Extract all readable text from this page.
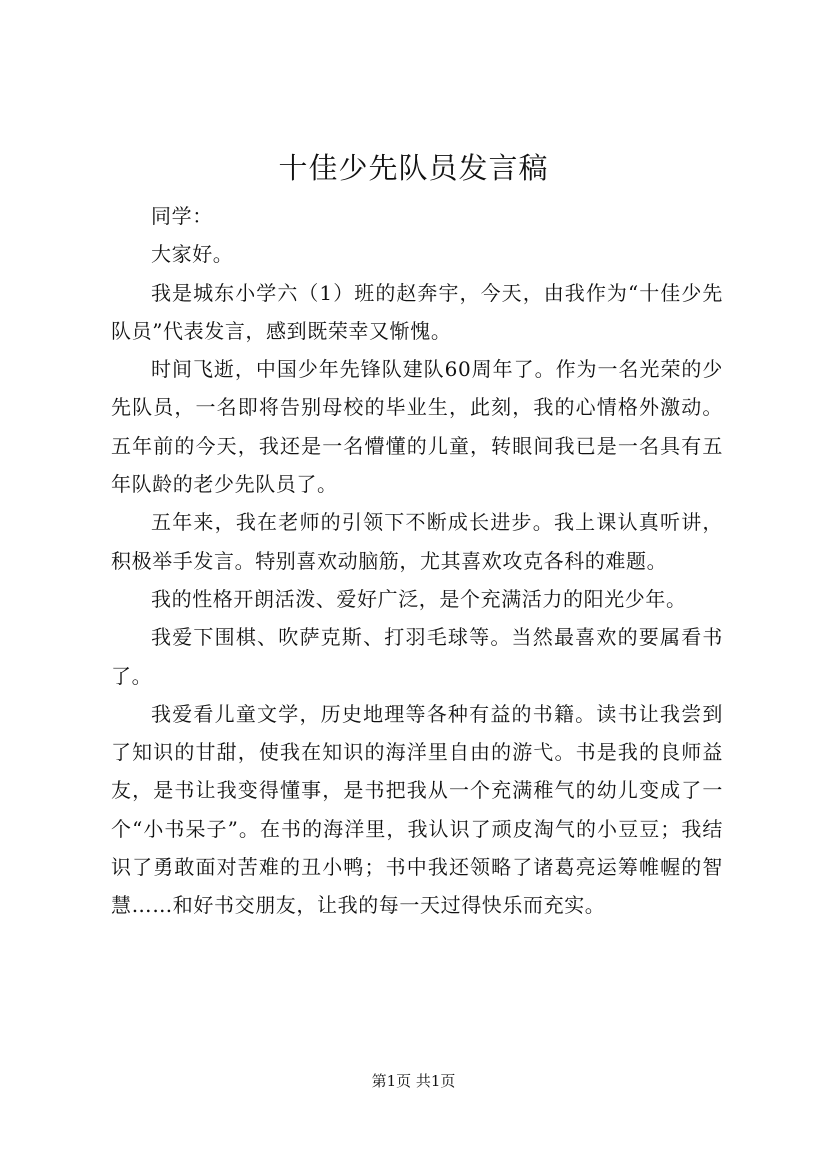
十佳少先队员发言稿

同学：

大家好。

我是城东小学六（1）班的赵奔宇，今天，由我作为“十佳少先队员”代表发言，感到既荣幸又惭愧。

时间飞逝，中国少年先锋队建队60周年了。作为一名光荣的少先队员，一名即将告别母校的毕业生，此刻，我的心情格外激动。五年前的今天，我还是一名懵懂的儿童，转眼间我已是一名具有五年队龄的老少先队员了。

五年来，我在老师的引领下不断成长进步。我上课认真听讲，积极举手发言。特别喜欢动脑筋，尤其喜欢攻克各科的难题。

我的性格开朗活泼、爱好广泛，是个充满活力的阳光少年。

我爱下围棋、吹萨克斯、打羽毛球等。当然最喜欢的要属看书了。

我爱看儿童文学，历史地理等各种有益的书籍。读书让我尝到了知识的甘甜，使我在知识的海洋里自由的游弋。书是我的良师益友，是书让我变得懂事，是书把我从一个充满稚气的幼儿变成了一个“小书呆子”。在书的海洋里，我认识了顽皮淘气的小豆豆；我结识了勇敢面对苦难的丑小鸭；书中我还领略了诸葛亮运筹帷幄的智慧……和好书交朋友，让我的每一天过得快乐而充实。

第1页 共1页
